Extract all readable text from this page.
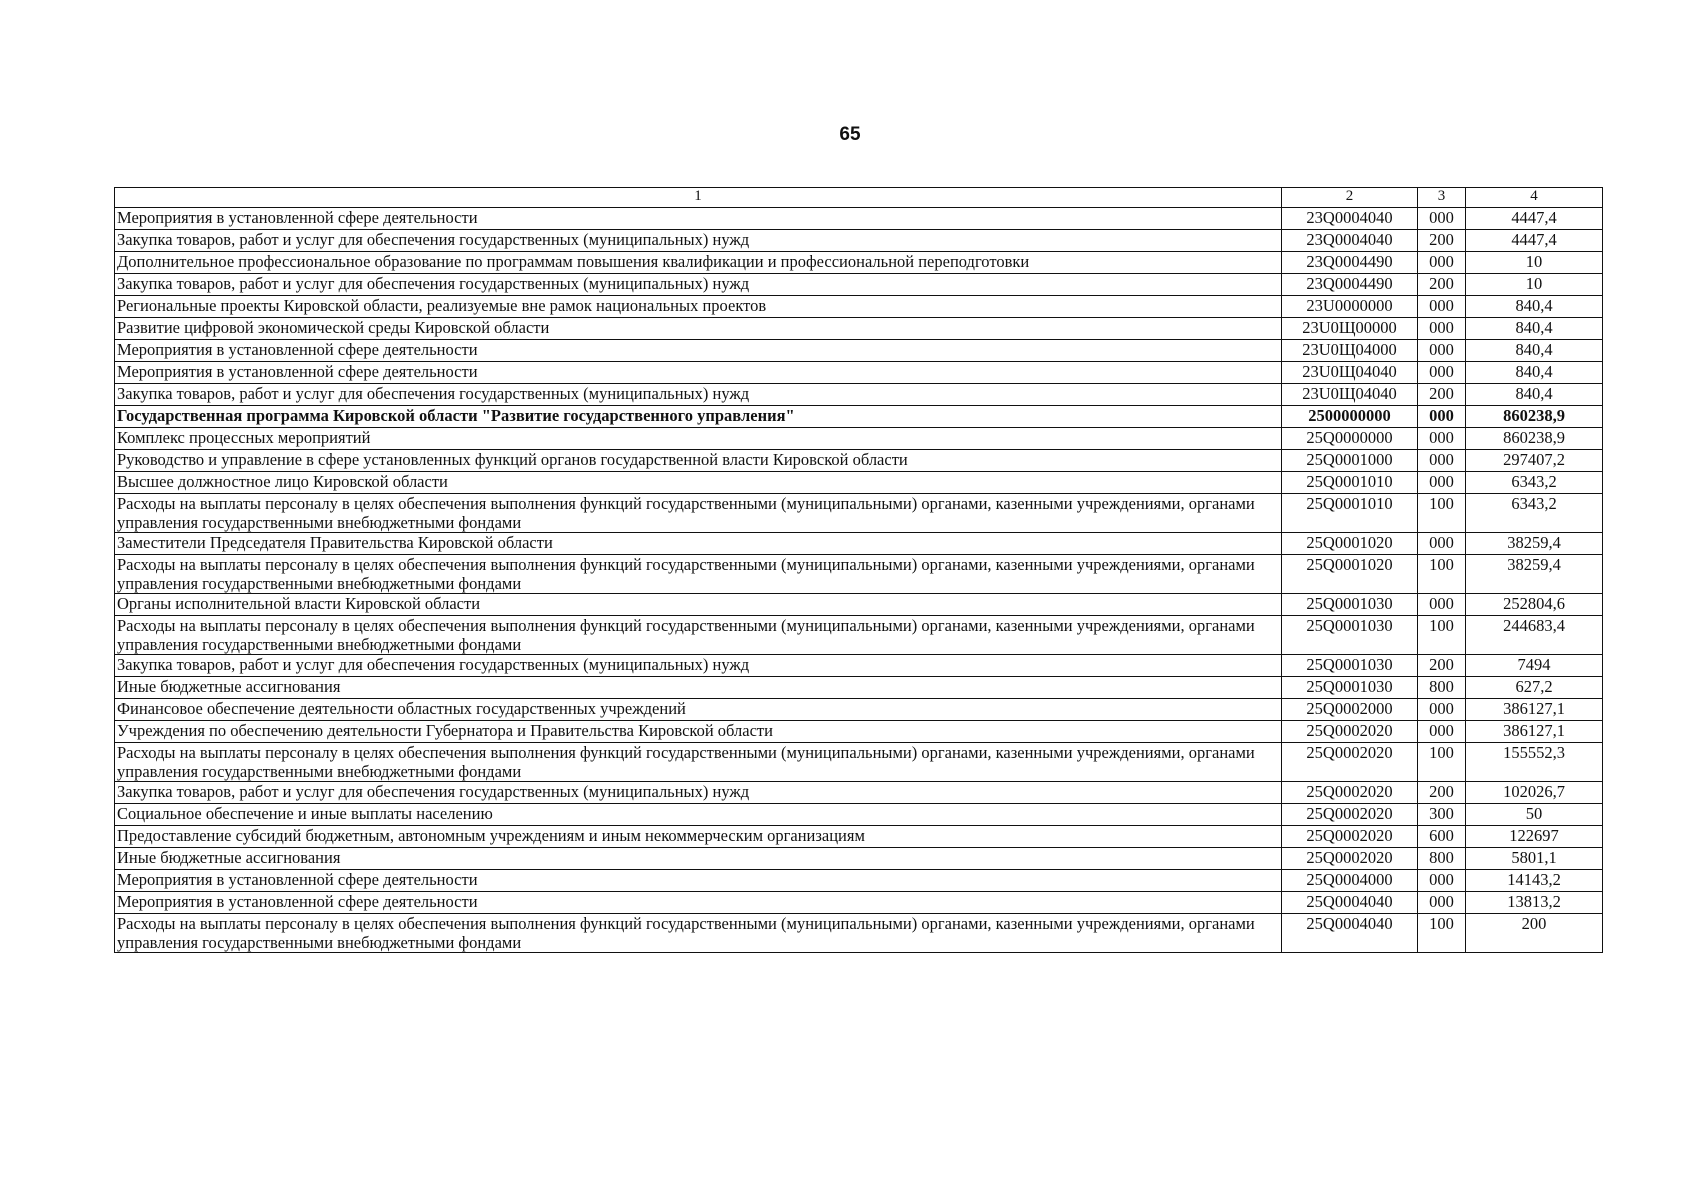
65
1	2	3	4
Мероприятия в установленной сфере деятельности	23Q0004040	000	4447,4
Закупка товаров, работ и услуг для обеспечения государственных (муниципальных) нужд	23Q0004040	200	4447,4
Дополнительное профессиональное образование по программам повышения квалификации и профессиональной переподготовки	23Q0004490	000	10
Закупка товаров, работ и услуг для обеспечения государственных (муниципальных) нужд	23Q0004490	200	10
Региональные проекты Кировской области, реализуемые вне рамок национальных проектов	23U0000000	000	840,4
Развитие цифровой экономической среды Кировской области	23U0Щ00000	000	840,4
Мероприятия в установленной сфере деятельности	23U0Щ04000	000	840,4
Мероприятия в установленной сфере деятельности	23U0Щ04040	000	840,4
Закупка товаров, работ и услуг для обеспечения государственных (муниципальных) нужд	23U0Щ04040	200	840,4
Государственная программа Кировской области "Развитие государственного управления"	2500000000	000	860238,9
Комплекс процессных мероприятий	25Q0000000	000	860238,9
Руководство и управление в сфере установленных функций органов государственной власти Кировской области	25Q0001000	000	297407,2
Высшее должностное лицо Кировской области	25Q0001010	000	6343,2
Расходы на выплаты персоналу в целях обеспечения выполнения функций государственными (муниципальными) органами, казенными учреждениями, органами управления государственными внебюджетными фондами	25Q0001010	100	6343,2
Заместители Председателя Правительства Кировской области	25Q0001020	000	38259,4
Расходы на выплаты персоналу в целях обеспечения выполнения функций государственными (муниципальными) органами, казенными учреждениями, органами управления государственными внебюджетными фондами	25Q0001020	100	38259,4
Органы исполнительной власти Кировской области	25Q0001030	000	252804,6
Расходы на выплаты персоналу в целях обеспечения выполнения функций государственными (муниципальными) органами, казенными учреждениями, органами управления государственными внебюджетными фондами	25Q0001030	100	244683,4
Закупка товаров, работ и услуг для обеспечения государственных (муниципальных) нужд	25Q0001030	200	7494
Иные бюджетные ассигнования	25Q0001030	800	627,2
Финансовое обеспечение деятельности областных государственных учреждений	25Q0002000	000	386127,1
Учреждения по обеспечению деятельности Губернатора и Правительства Кировской области	25Q0002020	000	386127,1
Расходы на выплаты персоналу в целях обеспечения выполнения функций государственными (муниципальными) органами, казенными учреждениями, органами управления государственными внебюджетными фондами	25Q0002020	100	155552,3
Закупка товаров, работ и услуг для обеспечения государственных (муниципальных) нужд	25Q0002020	200	102026,7
Социальное обеспечение и иные выплаты населению	25Q0002020	300	50
Предоставление субсидий бюджетным, автономным учреждениям и иным некоммерческим организациям	25Q0002020	600	122697
Иные бюджетные ассигнования	25Q0002020	800	5801,1
Мероприятия в установленной сфере деятельности	25Q0004000	000	14143,2
Мероприятия в установленной сфере деятельности	25Q0004040	000	13813,2
Расходы на выплаты персоналу в целях обеспечения выполнения функций государственными (муниципальными) органами, казенными учреждениями, органами управления государственными внебюджетными фондами	25Q0004040	100	200
